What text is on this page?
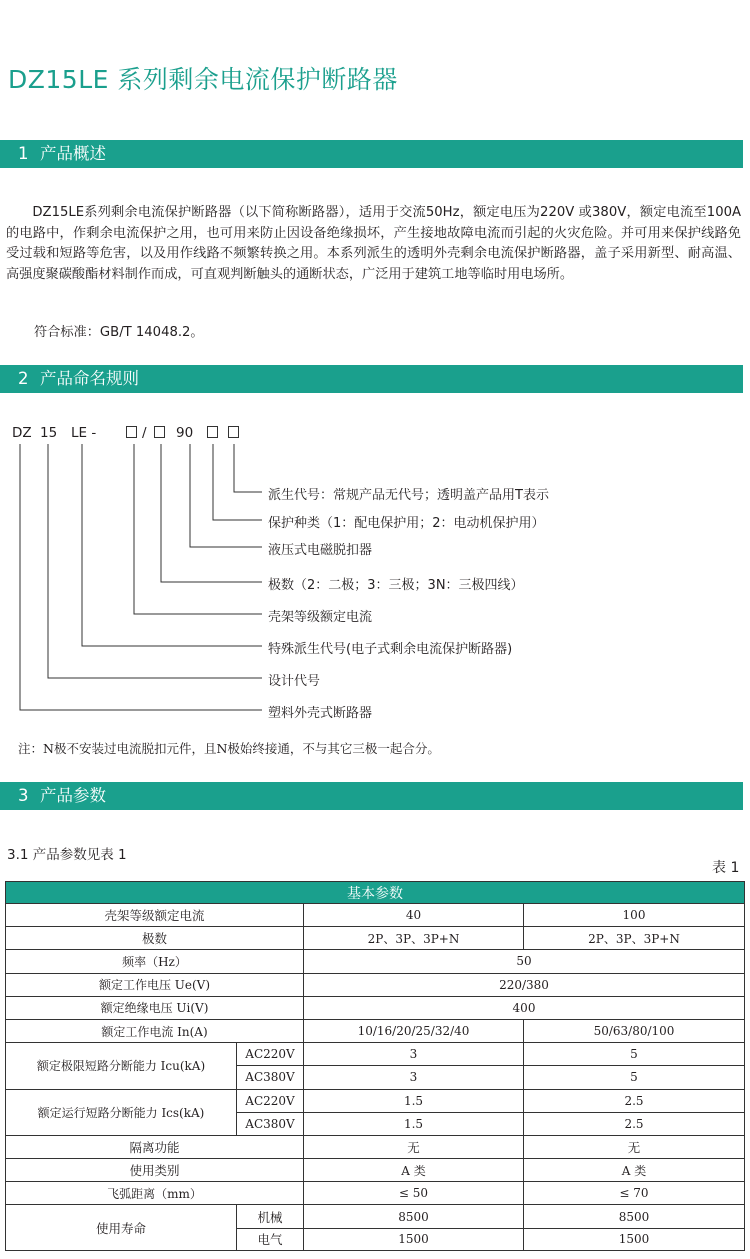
DZ15LE 系列剩余电流保护断路器
1 产品概述

DZ15LE系列剩余电流保护断路器（以下简称断路器），适用于交流50Hz，额定电压为220V 或380V，额定电流至100A的电路中，作剩余电流保护之用，也可用来防止因设备绝缘损坏，产生接地故障电流而引起的火灾危险。并可用来保护线路免受过载和短路等危害，以及用作线路不频繁转换之用。本系列派生的透明外壳剩余电流保护断路器，盖子采用新型、耐高温、高强度聚碳酸酯材料制作而成，可直观判断触头的通断状态，广泛用于建筑工地等临时用电场所。

符合标准：GB/T 14048.2。
2 产品命名规则
DZ 15 LE -	/ 90
派生代号：常规产品无代号；透明盖产品用T表示
保护种类（1：配电保护用；2：电动机保护用）
液压式电磁脱扣器
极数（2：二极；3：三极；3N：三极四线）
壳架等级额定电流
特殊派生代号(电子式剩余电流保护断路器)
设计代号
塑料外壳式断路器
注：N极不安装过电流脱扣元件，且N极始终接通，不与其它三极一起合分。
3 产品参数
3.1 产品参数见表 1
表 1
基本参数			
壳架等级额定电流		40	100
极数		2P、3P、3P+N	2P、3P、3P+N
频率（Hz）		50	
额定工作电压 Ue(V)		220/380	
额定绝缘电压 Ui(V)		400	
额定工作电流 In(A)		10/16/20/25/32/40	50/63/80/100
额定极限短路分断能力 Icu(kA)	AC220V	3	5
	AC380V	3	5
额定运行短路分断能力 Ics(kA)	AC220V	1.5	2.5
	AC380V	1.5	2.5
隔离功能		无	无
使用类别		A 类	A 类
飞弧距离（mm）		≤ 50	≤ 70
使用寿命	机械	8500	8500
	电气	1500	1500
